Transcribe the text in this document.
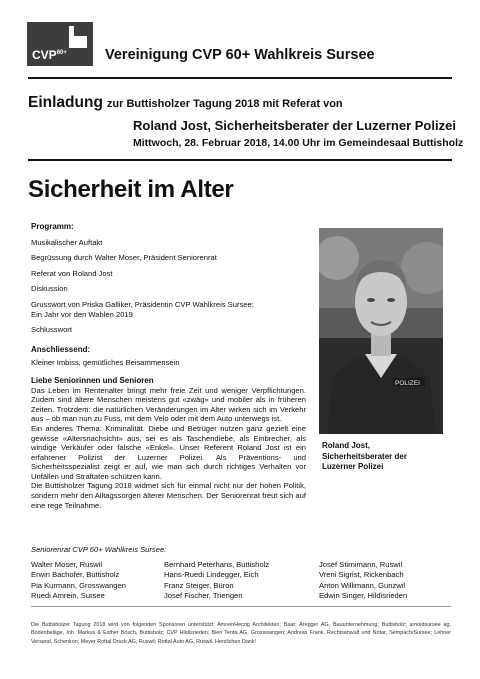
$CVP^{60+}$	Vereinigung CVP 60+ Wahlkreis Sursee
Einladung zur Buttisholzer Tagung 2018 mit Referat von
Roland Jost, Sicherheitsberater der Luzerner Polizei
Mittwoch, 28. Februar 2018, 14.00 Uhr im Gemeindesaal Buttisholz
Sicherheit im Alter
Programm:
Musikalischer Auftakt
Begrüssung durch Walter Moser, Präsident Seniorenrat
Referat von Roland Jost
Diskussion
Grusswort von Priska Galliker, Präsidentin CVP Wahlkreis Sursee:
Ein Jahr vor den Wahlen 2019
Schlusswort
Anschliessend:
Kleiner Imbiss, gemütliches Beisammensein
Liebe Seniorinnen und Senioren
Das Leben im Rentenalter bringt mehr freie Zeit und weniger Verpflichtungen. Zudem sind ältere Menschen meistens gut «zwäg» und mobiler als in früheren Zeiten. Trotzdem: die natürlichen Veränderungen im Alter wirken sich im Verkehr aus – ob man nun zu Fuss, mit dem Velo oder mit dem Auto unterwegs ist.
Ein anderes Thema: Kriminalität. Diebe und Betrüger nutzen ganz gezielt eine gewisse «Altersnachsicht» aus, sei es als Taschendiebe, als Einbrecher, als windige Verkäufer oder falsche «Enkel». Unser Referent Roland Jost ist ein erfahrener Polizist der Luzerner Polizei. Als Präventions- und Sicherheitsspezialist zeigt er auf, wie man sich durch richtiges Verhalten vor Unfällen und Straftaten schützen kann.
Die Buttisholzer Tagung 2018 widmet sich für einmal nicht nur der hohen Politik, sondern mehr den Alltagssorgen älterer Menschen. Der Seniorenrat freut sich auf eine rege Teilnahme.
POLIZEI
Roland Jost,
Sicherheitsberater der
Luzerner Polizei
Seniorenrat CVP 60+ Wahlkreis Sursee:
Walter Moser, Ruswil	Bernhard Peterhans, Buttisholz	Josef Stirnimann, Ruswil
Erwin Bachofer, Buttisholz	Hans-Ruedi Lindegger, Eich	Vreni Sigrist, Rickenbach
Pia Kurmann, Grosswangen	Franz Steiger, Büron	Anton Willimann, Gunzwil
Ruedi Amrein, Sursee	Josef Fischer, Triengen	Edwin Singer, Hildisrieden
Die Buttisholzer Tagung 2018 wird von folgenden Sponsoren unterstützt: AmreinHerzig Architekten, Baar; Aregger AG, Bauunternehmung, Buttisholz; arnoldsursee ag, Bodenbeläge, Inh. Markus & Esther Bösch, Buttisholz; CVP Hildisrieden; Bieri Tenta AG, Grosswangen; Andreas Frank, Rechtsanwalt und Notar, Sempach/Sursee; Lehner Versand, Schenkon; Meyer Rottal Druck AG, Ruswil; Rottal Auto AG, Ruswil. Herzlichen Dank!
